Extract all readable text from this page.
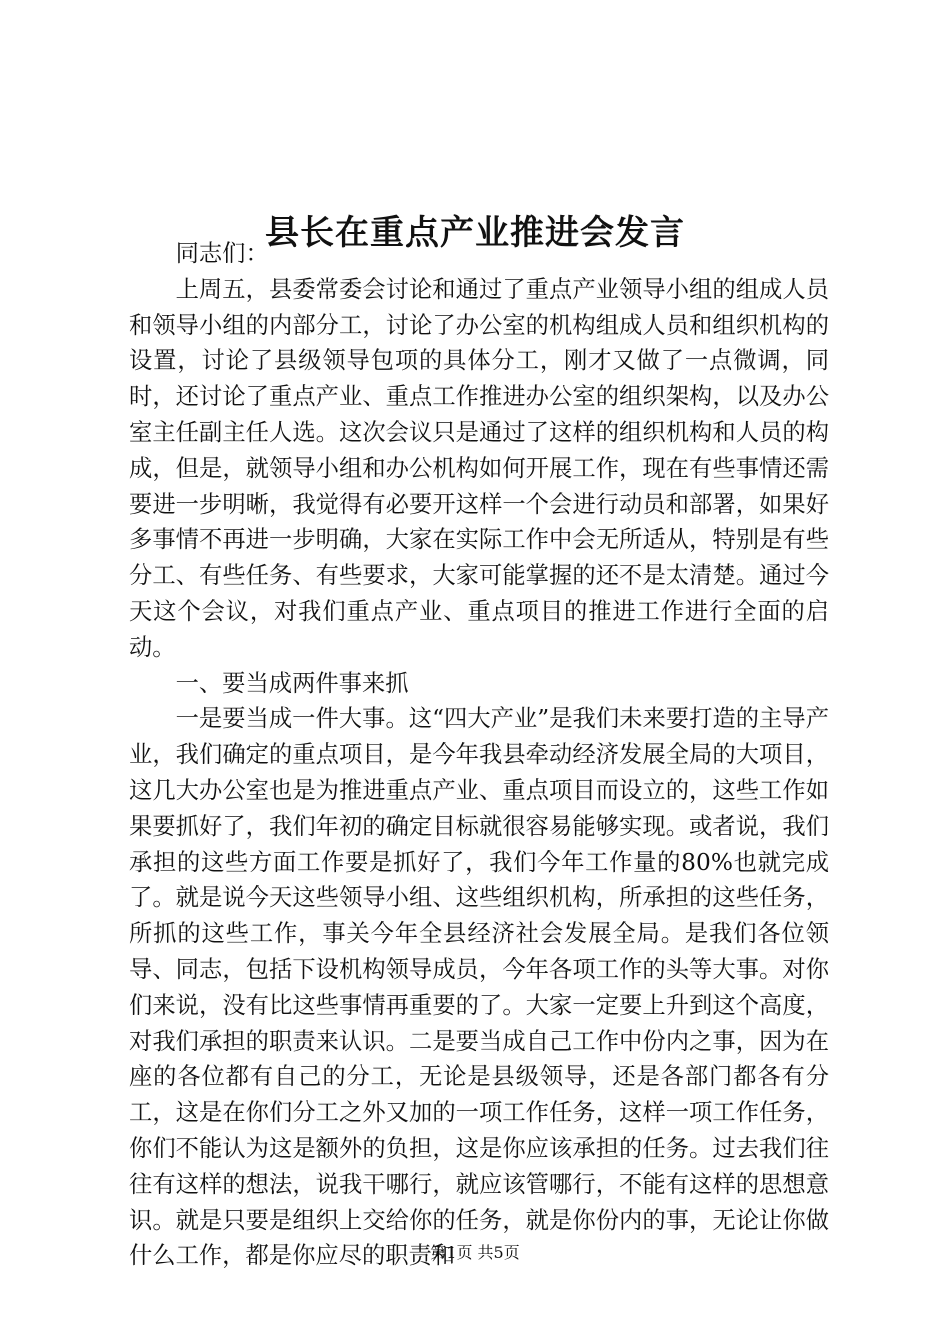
县长在重点产业推进会发言

同志们：

上周五，县委常委会讨论和通过了重点产业领导小组的组成人员和领导小组的内部分工，讨论了办公室的机构组成人员和组织机构的设置，讨论了县级领导包项的具体分工，刚才又做了一点微调，同时，还讨论了重点产业、重点工作推进办公室的组织架构，以及办公室主任副主任人选。这次会议只是通过了这样的组织机构和人员的构成，但是，就领导小组和办公机构如何开展工作，现在有些事情还需要进一步明晰，我觉得有必要开这样一个会进行动员和部署，如果好多事情不再进一步明确，大家在实际工作中会无所适从，特别是有些分工、有些任务、有些要求，大家可能掌握的还不是太清楚。通过今天这个会议，对我们重点产业、重点项目的推进工作进行全面的启动。

一、要当成两件事来抓

一是要当成一件大事。这“四大产业”是我们未来要打造的主导产业，我们确定的重点项目，是今年我县牵动经济发展全局的大项目，这几大办公室也是为推进重点产业、重点项目而设立的，这些工作如果要抓好了，我们年初的确定目标就很容易能够实现。或者说，我们承担的这些方面工作要是抓好了，我们今年工作量的80%也就完成了。就是说今天这些领导小组、这些组织机构，所承担的这些任务，所抓的这些工作，事关今年全县经济社会发展全局。是我们各位领导、同志，包括下设机构领导成员，今年各项工作的头等大事。对你们来说，没有比这些事情再重要的了。大家一定要上升到这个高度，对我们承担的职责来认识。二是要当成自己工作中份内之事，因为在座的各位都有自己的分工，无论是县级领导，还是各部门都各有分工，这是在你们分工之外又加的一项工作任务，这样一项工作任务，你们不能认为这是额外的负担，这是你应该承担的任务。过去我们往往有这样的想法，说我干哪行，就应该管哪行，不能有这样的思想意识。就是只要是组织上交给你的任务，就是你份内的事，无论让你做什么工作，都是你应尽的职责和

第1页 共5页
